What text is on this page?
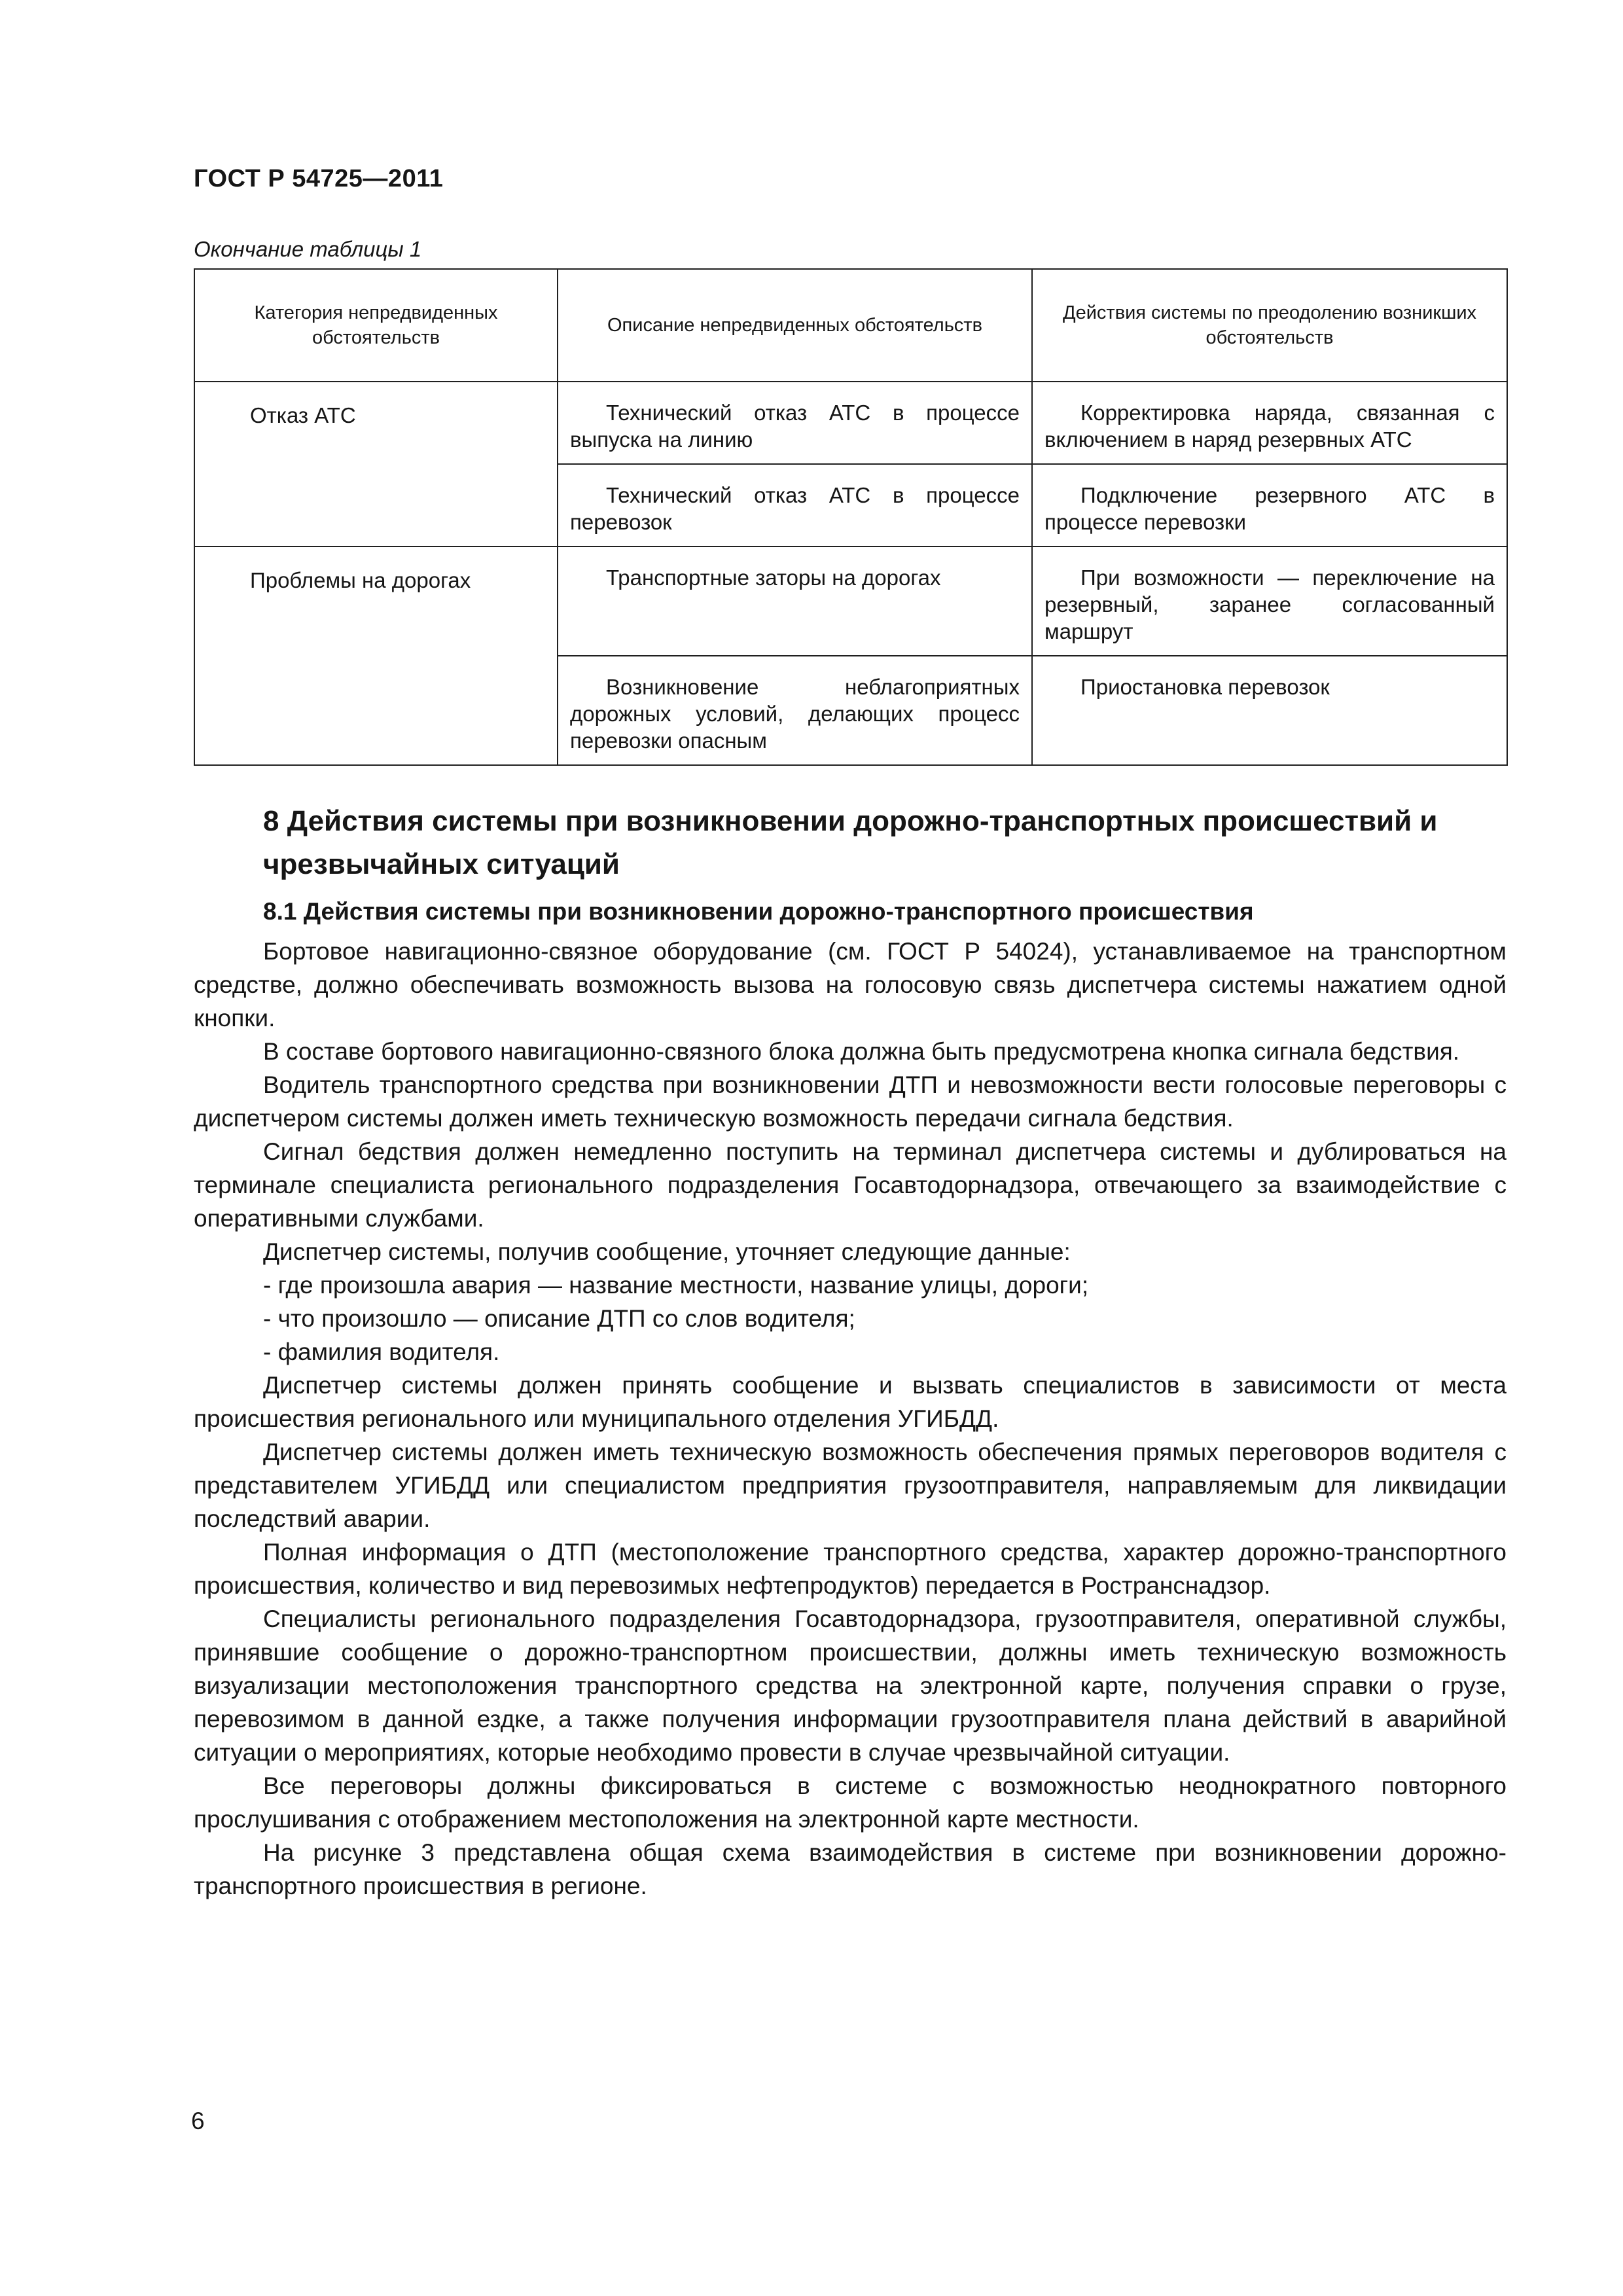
ГОСТ Р 54725—2011
Окончание таблицы 1
Категория непредвиденных обстоятельств	Описание непредвиденных обстоятельств	Действия системы по преодолению возникших обстоятельств
Отказ АТС	Технический отказ АТС в процессе выпуска на линию	Корректировка наряда, связанная с включением в наряд резервных АТС

	Технический отказ АТС в процессе перевозок	Подключение резервного АТС в процессе перевозки

Проблемы на дорогах	Транспортные заторы на дорогах	При возможности — переключение на резервный, заранее согласованный маршрут

	Возникновение неблагоприятных дорожных условий, делающих процесс перевозки опасным	Приостановка перевозок
8 Действия системы при возникновении дорожно-транспортных происшествий и чрезвычайных ситуаций
8.1 Действия системы при возникновении дорожно-транспортного происшествия

Бортовое навигационно-связное оборудование (см. ГОСТ Р 54024), устанавливаемое на транспортном средстве, должно обеспечивать возможность вызова на голосовую связь диспетчера системы нажатием одной кнопки.

В составе бортового навигационно-связного блока должна быть предусмотрена кнопка сигнала бедствия.

Водитель транспортного средства при возникновении ДТП и невозможности вести голосовые переговоры с диспетчером системы должен иметь техническую возможность передачи сигнала бедствия.

Сигнал бедствия должен немедленно поступить на терминал диспетчера системы и дублироваться на терминале специалиста регионального подразделения Госавтодорнадзора, отвечающего за взаимодействие с оперативными службами.

Диспетчер системы, получив сообщение, уточняет следующие данные:

- где произошла авария — название местности, название улицы, дороги;

- что произошло — описание ДТП со слов водителя;

- фамилия водителя.

Диспетчер системы должен принять сообщение и вызвать специалистов в зависимости от места происшествия регионального или муниципального отделения УГИБДД.

Диспетчер системы должен иметь техническую возможность обеспечения прямых переговоров водителя с представителем УГИБДД или специалистом предприятия грузоотправителя, направляемым для ликвидации последствий аварии.

Полная информация о ДТП (местоположение транспортного средства, характер дорожно-транспортного происшествия, количество и вид перевозимых нефтепродуктов) передается в Ространснадзор.

Специалисты регионального подразделения Госавтодорнадзора, грузоотправителя, оперативной службы, принявшие сообщение о дорожно-транспортном происшествии, должны иметь техническую возможность визуализации местоположения транспортного средства на электронной карте, получения справки о грузе, перевозимом в данной ездке, а также получения информации грузоотправителя плана действий в аварийной ситуации о мероприятиях, которые необходимо провести в случае чрезвычайной ситуации.

Все переговоры должны фиксироваться в системе с возможностью неоднократного повторного прослушивания с отображением местоположения на электронной карте местности.

На рисунке 3 представлена общая схема взаимодействия в системе при возникновении дорожно-транспортного происшествия в регионе.

6
